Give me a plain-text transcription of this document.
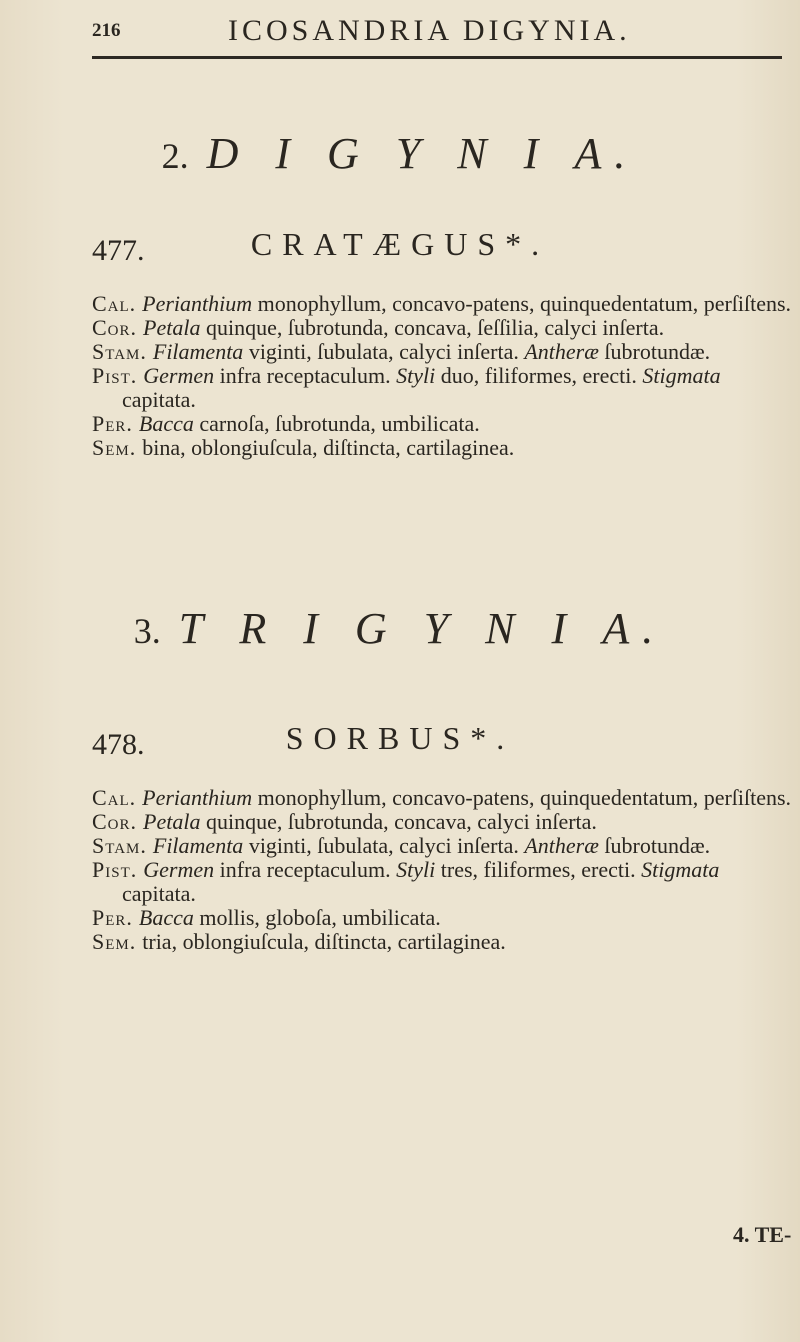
216	ICOSANDRIA DIGYNIA.
2. D I G Y N I A.
477.	CRATÆGUS*.

Cal. Perianthium monophyllum, concavo-patens, quinquedentatum, perſiſtens.

Cor. Petala quinque, ſubrotunda, concava, ſeſſilia, calyci inſerta.

Stam. Filamenta viginti, ſubulata, calyci inſerta. Antheræ ſubrotundæ.

Pist. Germen infra receptaculum. Styli duo, filiformes, erecti. Stigmata capitata.

Per. Bacca carnoſa, ſubrotunda, umbilicata.

Sem. bina, oblongiuſcula, diſtincta, cartilaginea.

3. T R I G Y N I A.
478.	SORBUS*.

Cal. Perianthium monophyllum, concavo-patens, quinquedentatum, perſiſtens.

Cor. Petala quinque, ſubrotunda, concava, calyci inſerta.

Stam. Filamenta viginti, ſubulata, calyci inſerta. Antheræ ſubrotundæ.

Pist. Germen infra receptaculum. Styli tres, filiformes, erecti. Stigmata capitata.

Per. Bacca mollis, globoſa, umbilicata.

Sem. tria, oblongiuſcula, diſtincta, cartilaginea.

4. TE-
